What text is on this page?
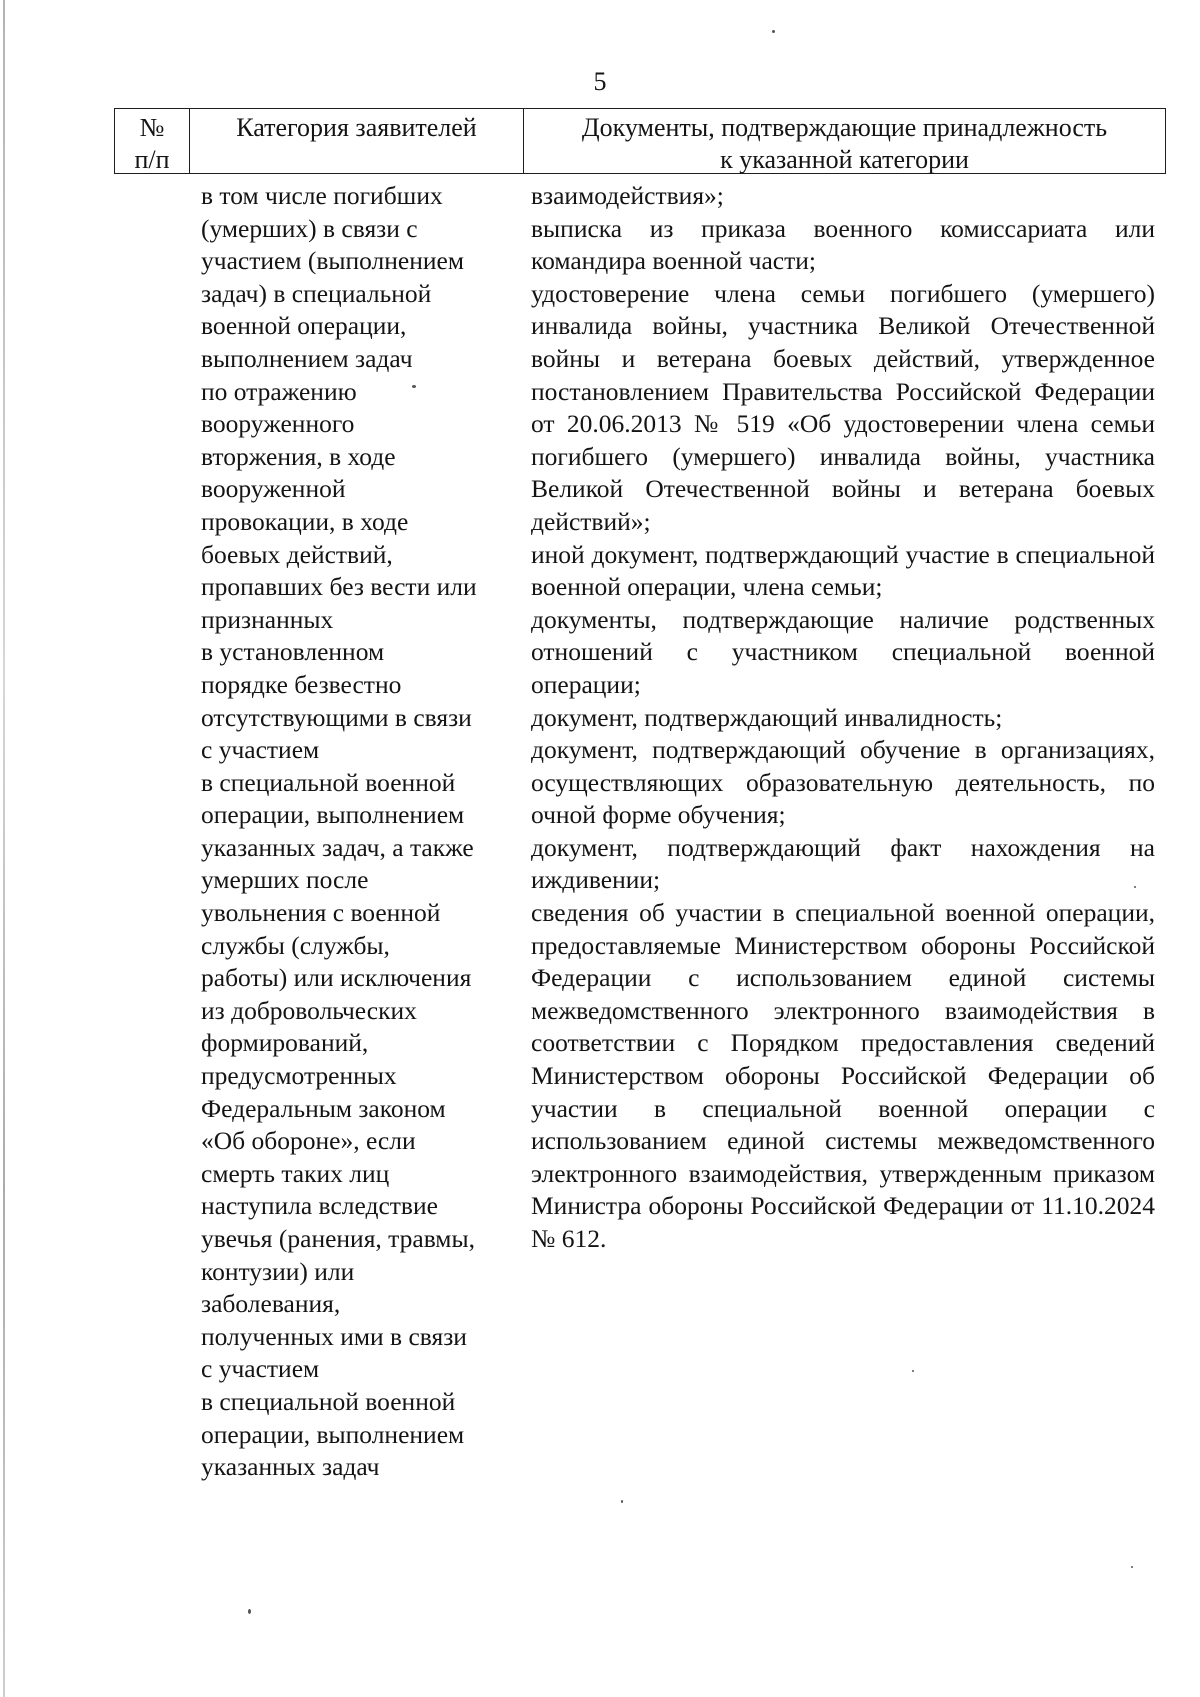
5
№
п/п
Категория заявителей	Документы, подтверждающие принадлежность
к указанной категории
в том числе погибших
(умерших) в связи с
участием (выполнением
задач) в специальной
военной операции,
выполнением задач
по отражению
вооруженного
вторжения, в ходе
вооруженной
провокации, в ходе
боевых действий,
пропавших без вести или
признанных
в установленном
порядке безвестно
отсутствующими в связи
с участием
в специальной военной
операции, выполнением
указанных задач, а также
умерших после
увольнения с военной
службы (службы,
работы) или исключения
из добровольческих
формирований,
предусмотренных
Федеральным законом
«Об обороне», если
смерть таких лиц
наступила вследствие
увечья (ранения, травмы,
контузии) или
заболевания,
полученных ими в связи
с участием
в специальной военной
операции, выполнением
указанных задач

взаимодействия»;

выписка из приказа военного комиссариата или командира военной части;

удостоверение члена семьи погибшего (умершего) инвалида войны, участника Великой Отечественной войны и ветерана боевых действий, утвержденное постановлением Правительства Российской Федерации от 20.06.2013 № 519 «Об удостоверении члена семьи погибшего (умершего) инвалида войны, участника Великой Отечественной войны и ветерана боевых действий»;

иной документ, подтверждающий участие в специальной военной операции, члена семьи;

документы, подтверждающие наличие родственных отношений с участником специальной военной операции;

документ, подтверждающий инвалидность;

документ, подтверждающий обучение в организациях, осуществляющих образовательную деятельность, по очной форме обучения;

документ, подтверждающий факт нахождения на иждивении;

сведения об участии в специальной военной операции, предоставляемые Министерством обороны Российской Федерации с использованием единой системы межведомственного электронного взаимодействия в соответствии с Порядком предоставления сведений Министерством обороны Российской Федерации об участии в специальной военной операции с использованием единой системы межведомственного электронного взаимодействия, утвержденным приказом Министра обороны Российской Федерации от 11.10.2024 № 612.
